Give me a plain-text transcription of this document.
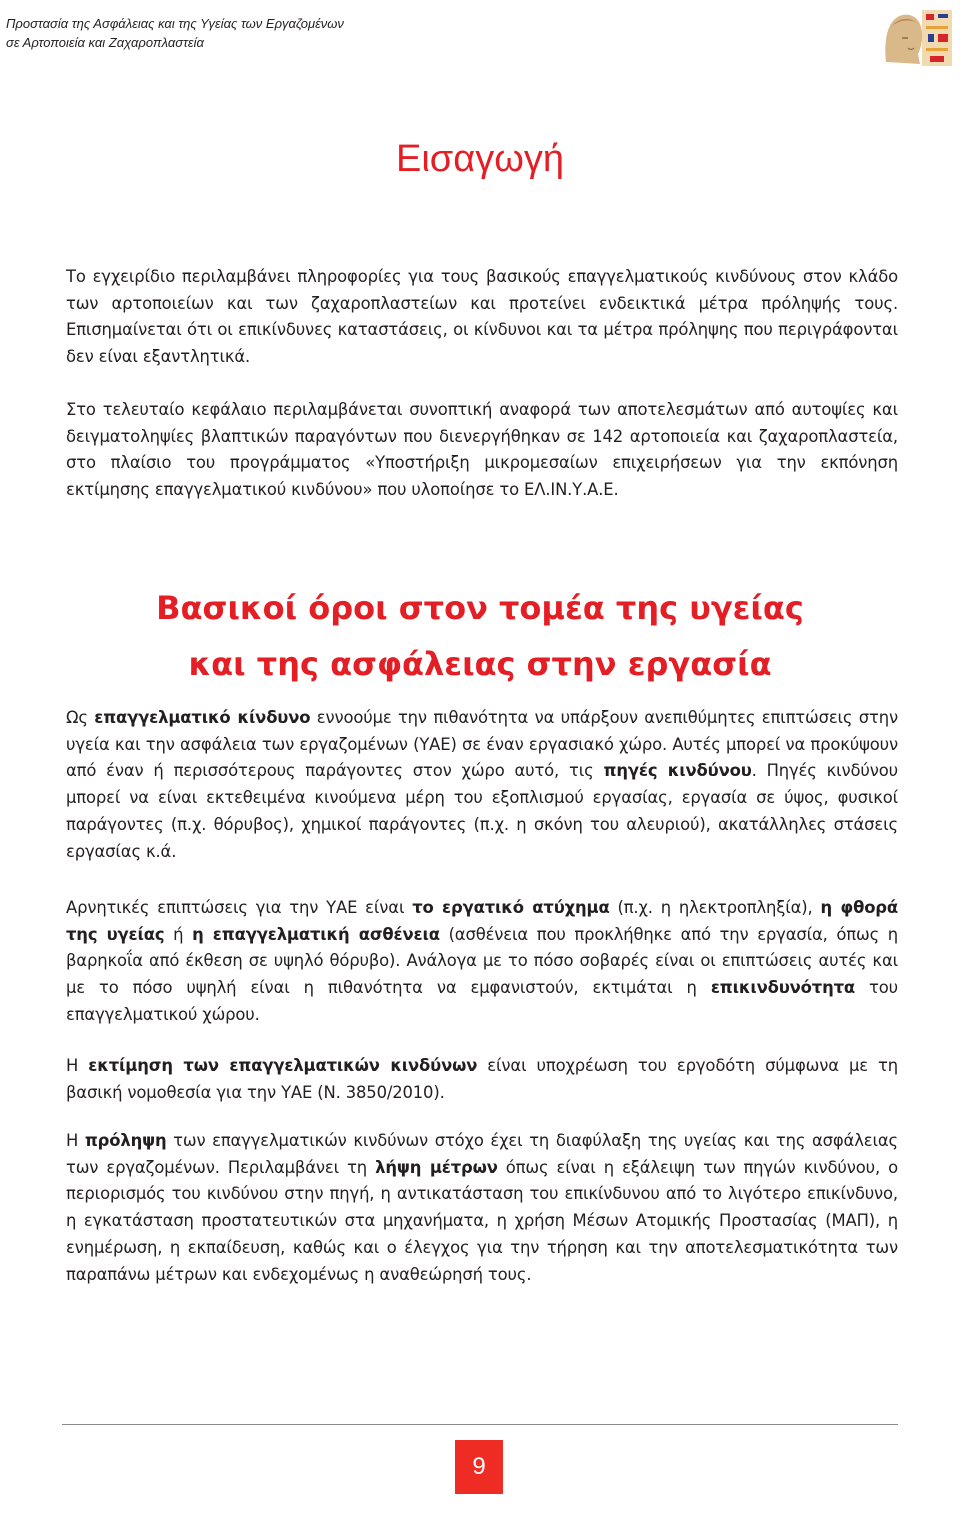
Προστασία της Ασφάλειας και της Υγείας των Εργαζομένων
σε Αρτοποιεία και Ζαχαροπλαστεία
Εισαγωγή

Το εγχειρίδιο περιλαμβάνει πληροφορίες για τους βασικούς επαγγελματικούς κινδύνους στον κλάδο των αρτοποιείων και των ζαχαροπλαστείων και προτείνει ενδεικτικά μέτρα πρόληψής τους. Επισημαίνεται ότι οι επικίνδυνες καταστάσεις, οι κίνδυνοι και τα μέτρα πρόληψης που περιγράφονται δεν είναι εξαντλητικά.

Στο τελευταίο κεφάλαιο περιλαμβάνεται συνοπτική αναφορά των αποτελεσμάτων από αυτοψίες και δειγματοληψίες βλαπτικών παραγόντων που διενεργήθηκαν σε 142 αρτοποιεία και ζαχαροπλαστεία, στο πλαίσιο του προγράμματος «Υποστήριξη μικρομεσαίων επιχειρήσεων για την εκπόνηση εκτίμησης επαγγελματικού κινδύνου» που υλοποίησε το ΕΛ.ΙΝ.Υ.Α.Ε.

Βασικοί όροι στον τομέα της υγείας
και της ασφάλειας στην εργασία

Ως επαγγελματικό κίνδυνο εννοούμε την πιθανότητα να υπάρξουν ανεπιθύμητες επιπτώσεις στην υγεία και την ασφάλεια των εργαζομένων (ΥΑΕ) σε έναν εργασιακό χώρο. Αυτές μπορεί να προκύψουν από έναν ή περισσότερους παράγοντες στον χώρο αυτό, τις πηγές κινδύνου. Πηγές κινδύνου μπορεί να είναι εκτεθειμένα κινούμενα μέρη του εξοπλισμού εργασίας, εργασία σε ύψος, φυσικοί παράγοντες (π.χ. θόρυβος), χημικοί παράγοντες (π.χ. η σκόνη του αλευριού), ακατάλληλες στάσεις εργασίας κ.ά.

Αρνητικές επιπτώσεις για την ΥΑΕ είναι το εργατικό ατύχημα (π.χ. η ηλεκτροπληξία), η φθορά της υγείας ή η επαγγελματική ασθένεια (ασθένεια που προκλήθηκε από την εργασία, όπως η βαρηκοΐα από έκθεση σε υψηλό θόρυβο). Ανάλογα με το πόσο σοβαρές είναι οι επιπτώσεις αυτές και με το πόσο υψηλή είναι η πιθανότητα να εμφανιστούν, εκτιμάται η επικινδυνότητα του επαγγελματικού χώρου.

Η εκτίμηση των επαγγελματικών κινδύνων είναι υποχρέωση του εργοδότη σύμφωνα με τη βασική νομοθεσία για την ΥΑΕ (Ν. 3850/2010).

Η πρόληψη των επαγγελματικών κινδύνων στόχο έχει τη διαφύλαξη της υγείας και της ασφάλειας των εργαζομένων. Περιλαμβάνει τη λήψη μέτρων όπως είναι η εξάλειψη των πηγών κινδύνου, ο περιορισμός του κινδύνου στην πηγή, η αντικατάσταση του επικίνδυνου από το λιγότερο επικίνδυνο, η εγκατάσταση προστατευτικών στα μηχανήματα, η χρήση Μέσων Ατομικής Προστασίας (ΜΑΠ), η ενημέρωση, η εκπαίδευση, καθώς και ο έλεγχος για την τήρηση και την αποτελεσματικότητα των παραπάνω μέτρων και ενδεχομένως η αναθεώρησή τους.

9
